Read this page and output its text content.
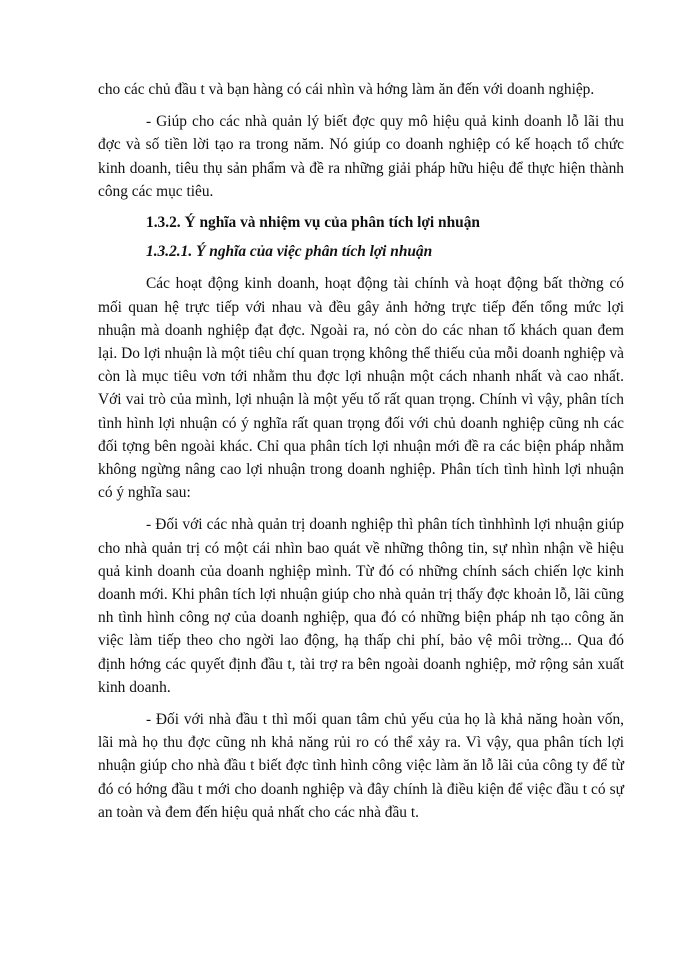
cho các chủ đầu t và bạn hàng có cái nhìn và hớng làm ăn đến với doanh nghiệp.

- Giúp cho các nhà quản lý biết đợc quy mô hiệu quả kinh doanh lỗ lãi thu đợc và số tiền lời tạo ra trong năm. Nó giúp co doanh nghiệp có kế hoạch tổ chức kinh doanh, tiêu thụ sản phẩm và đề ra những giải pháp hữu hiệu để thực hiện thành công các mục tiêu.

1.3.2. Ý nghĩa và nhiệm vụ của phân tích lợi nhuận

1.3.2.1. Ý nghĩa của việc phân tích lợi nhuận

Các hoạt động kinh doanh, hoạt động tài chính và hoạt động bất thờng có mối quan hệ trực tiếp với nhau và đều gây ảnh hởng trực tiếp đến tổng mức lợi nhuận mà doanh nghiệp đạt đợc. Ngoài ra, nó còn do các nhan tố khách quan đem lại. Do lợi nhuận là một tiêu chí quan trọng không thể thiếu của mỗi doanh nghiệp và còn là mục tiêu vơn tới nhằm thu đợc lợi nhuận một cách nhanh nhất và cao nhất. Với vai trò của mình, lợi nhuận là một yếu tố rất quan trọng. Chính vì vậy, phân tích tình hình lợi nhuận có ý nghĩa rất quan trọng đối với chủ doanh nghiệp cũng nh các đối tợng bên ngoài khác. Chỉ qua phân tích lợi nhuận mới đề ra các biện pháp nhằm không ngừng nâng cao lợi nhuận trong doanh nghiệp. Phân tích tình hình lợi nhuận có ý nghĩa sau:

- Đối với các nhà quản trị doanh nghiệp thì phân tích tìnhhình lợi nhuận giúp cho nhà quản trị có một cái nhìn bao quát về những thông tin, sự nhìn nhận về hiệu quả kinh doanh của doanh nghiệp mình. Từ đó có những chính sách chiến lợc kinh doanh mới. Khi phân tích lợi nhuận giúp cho nhà quản trị thấy đợc khoản lỗ, lãi cũng nh tình hình công nợ của doanh nghiệp, qua đó có những biện pháp nh tạo công ăn việc làm tiếp theo cho ngời lao động, hạ thấp chi phí, bảo vệ môi trờng... Qua đó định hớng các quyết định đầu t, tài trợ ra bên ngoài doanh nghiệp, mở rộng sản xuất kinh doanh.

- Đối với nhà đầu t thì mối quan tâm chủ yếu của họ là khả năng hoàn vốn, lãi mà họ thu đợc cũng nh khả năng rủi ro có thể xảy ra. Vì vậy, qua phân tích lợi nhuận giúp cho nhà đầu t biết đợc tình hình công việc làm ăn lỗ lãi của công ty để từ đó có hớng đầu t mới cho doanh nghiệp và đây chính là điều kiện để việc đầu t có sự an toàn và đem đến hiệu quả nhất cho các nhà đầu t.
